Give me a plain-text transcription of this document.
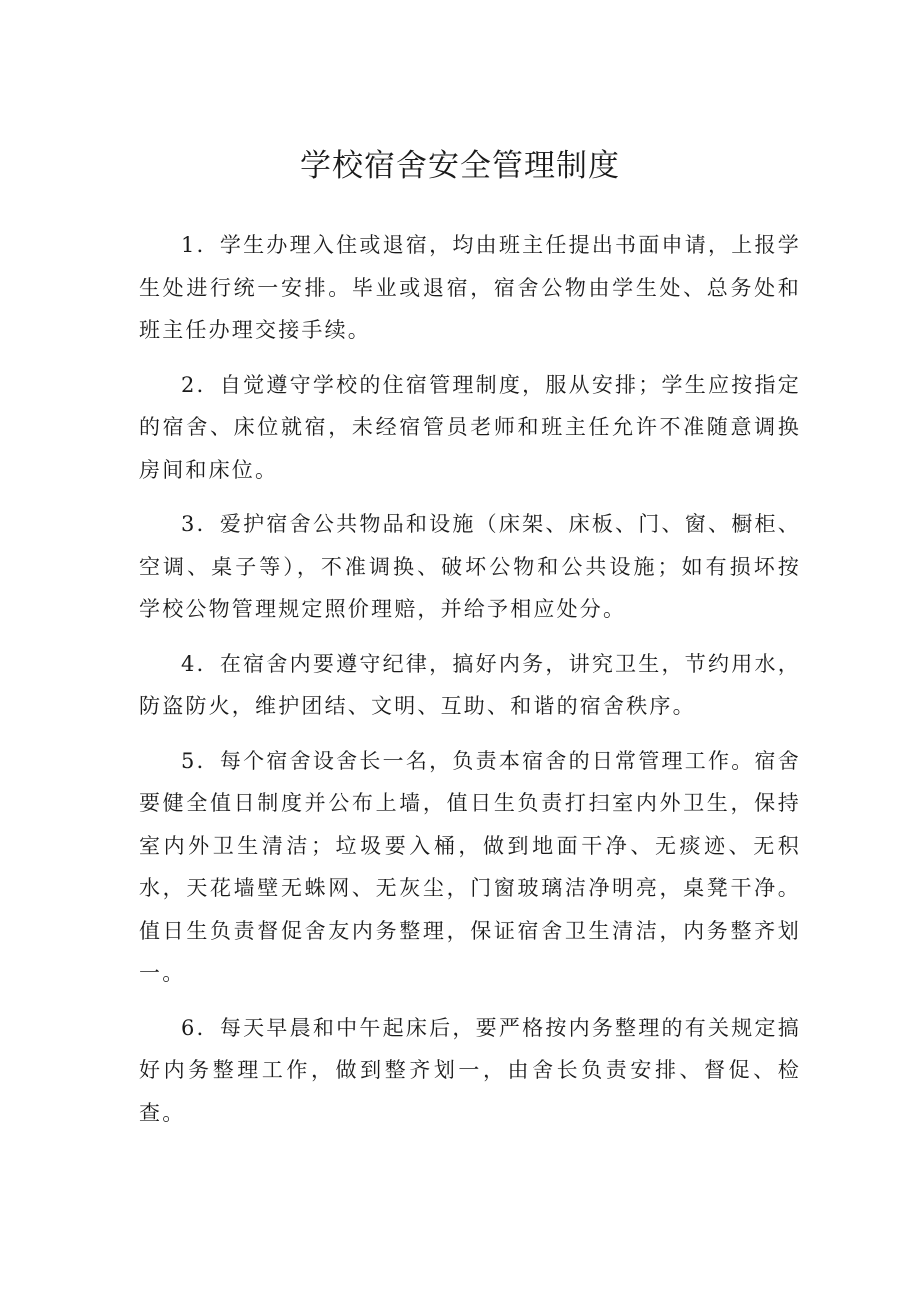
学校宿舍安全管理制度

1．学生办理入住或退宿，均由班主任提出书面申请，上报学生处进行统一安排。毕业或退宿，宿舍公物由学生处、总务处和班主任办理交接手续。

2．自觉遵守学校的住宿管理制度，服从安排；学生应按指定的宿舍、床位就宿，未经宿管员老师和班主任允许不准随意调换房间和床位。

3．爱护宿舍公共物品和设施（床架、床板、门、窗、橱柜、空调、桌子等），不准调换、破坏公物和公共设施；如有损坏按学校公物管理规定照价理赔，并给予相应处分。

4．在宿舍内要遵守纪律，搞好内务，讲究卫生，节约用水，防盗防火，维护团结、文明、互助、和谐的宿舍秩序。

5．每个宿舍设舍长一名，负责本宿舍的日常管理工作。宿舍要健全值日制度并公布上墙，值日生负责打扫室内外卫生，保持室内外卫生清洁；垃圾要入桶，做到地面干净、无痰迹、无积水，天花墙壁无蛛网、无灰尘，门窗玻璃洁净明亮，桌凳干净。值日生负责督促舍友内务整理，保证宿舍卫生清洁，内务整齐划一。

6．每天早晨和中午起床后，要严格按内务整理的有关规定搞好内务整理工作，做到整齐划一，由舍长负责安排、督促、检查。
